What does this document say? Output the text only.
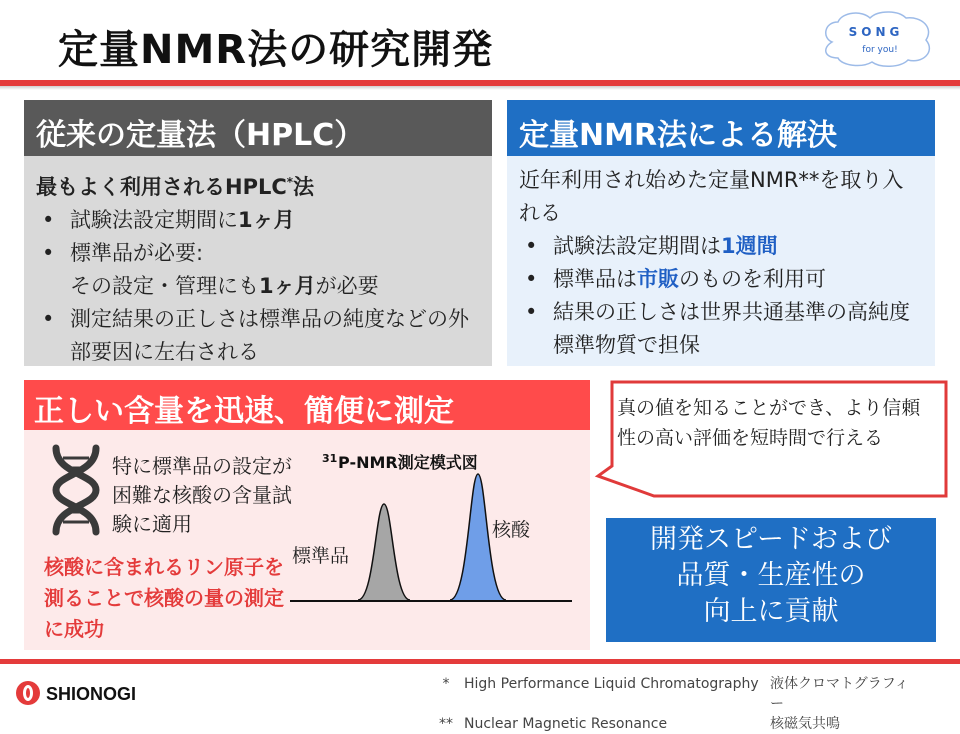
定量NMR法の研究開発	SONG
for you!
従来の定量法（HPLC）
最もよく利用されるHPLC*法
• 試験法設定期間に1ヶ月
• 標準品が必要:
その設定・管理にも1ヶ月が必要
• 測定結果の正しさは標準品の純度などの外部要因に左右される
定量NMR法による解決
近年利用され始めた定量NMR**を取り入れる
• 試験法設定期間は1週間
• 標準品は市販のものを利用可
• 結果の正しさは世界共通基準の高純度標準物質で担保
正しい含量を迅速、簡便に測定
特に標準品の設定が困難な核酸の含量試験に適用
核酸に含まれるリン原子を測ることで核酸の量の測定に成功
31 P-NMR測定模式図
標準品
核酸
真の値を知ることができ、より信頼性の高い評価を短時間で行える
開発スピードおよび
品質・生産性の
向上に貢献
SHIONOGI	*	High Performance Liquid Chromatography 液体クロマトグラフィー
** Nuclear Magnetic Resonance	核磁気共鳴
